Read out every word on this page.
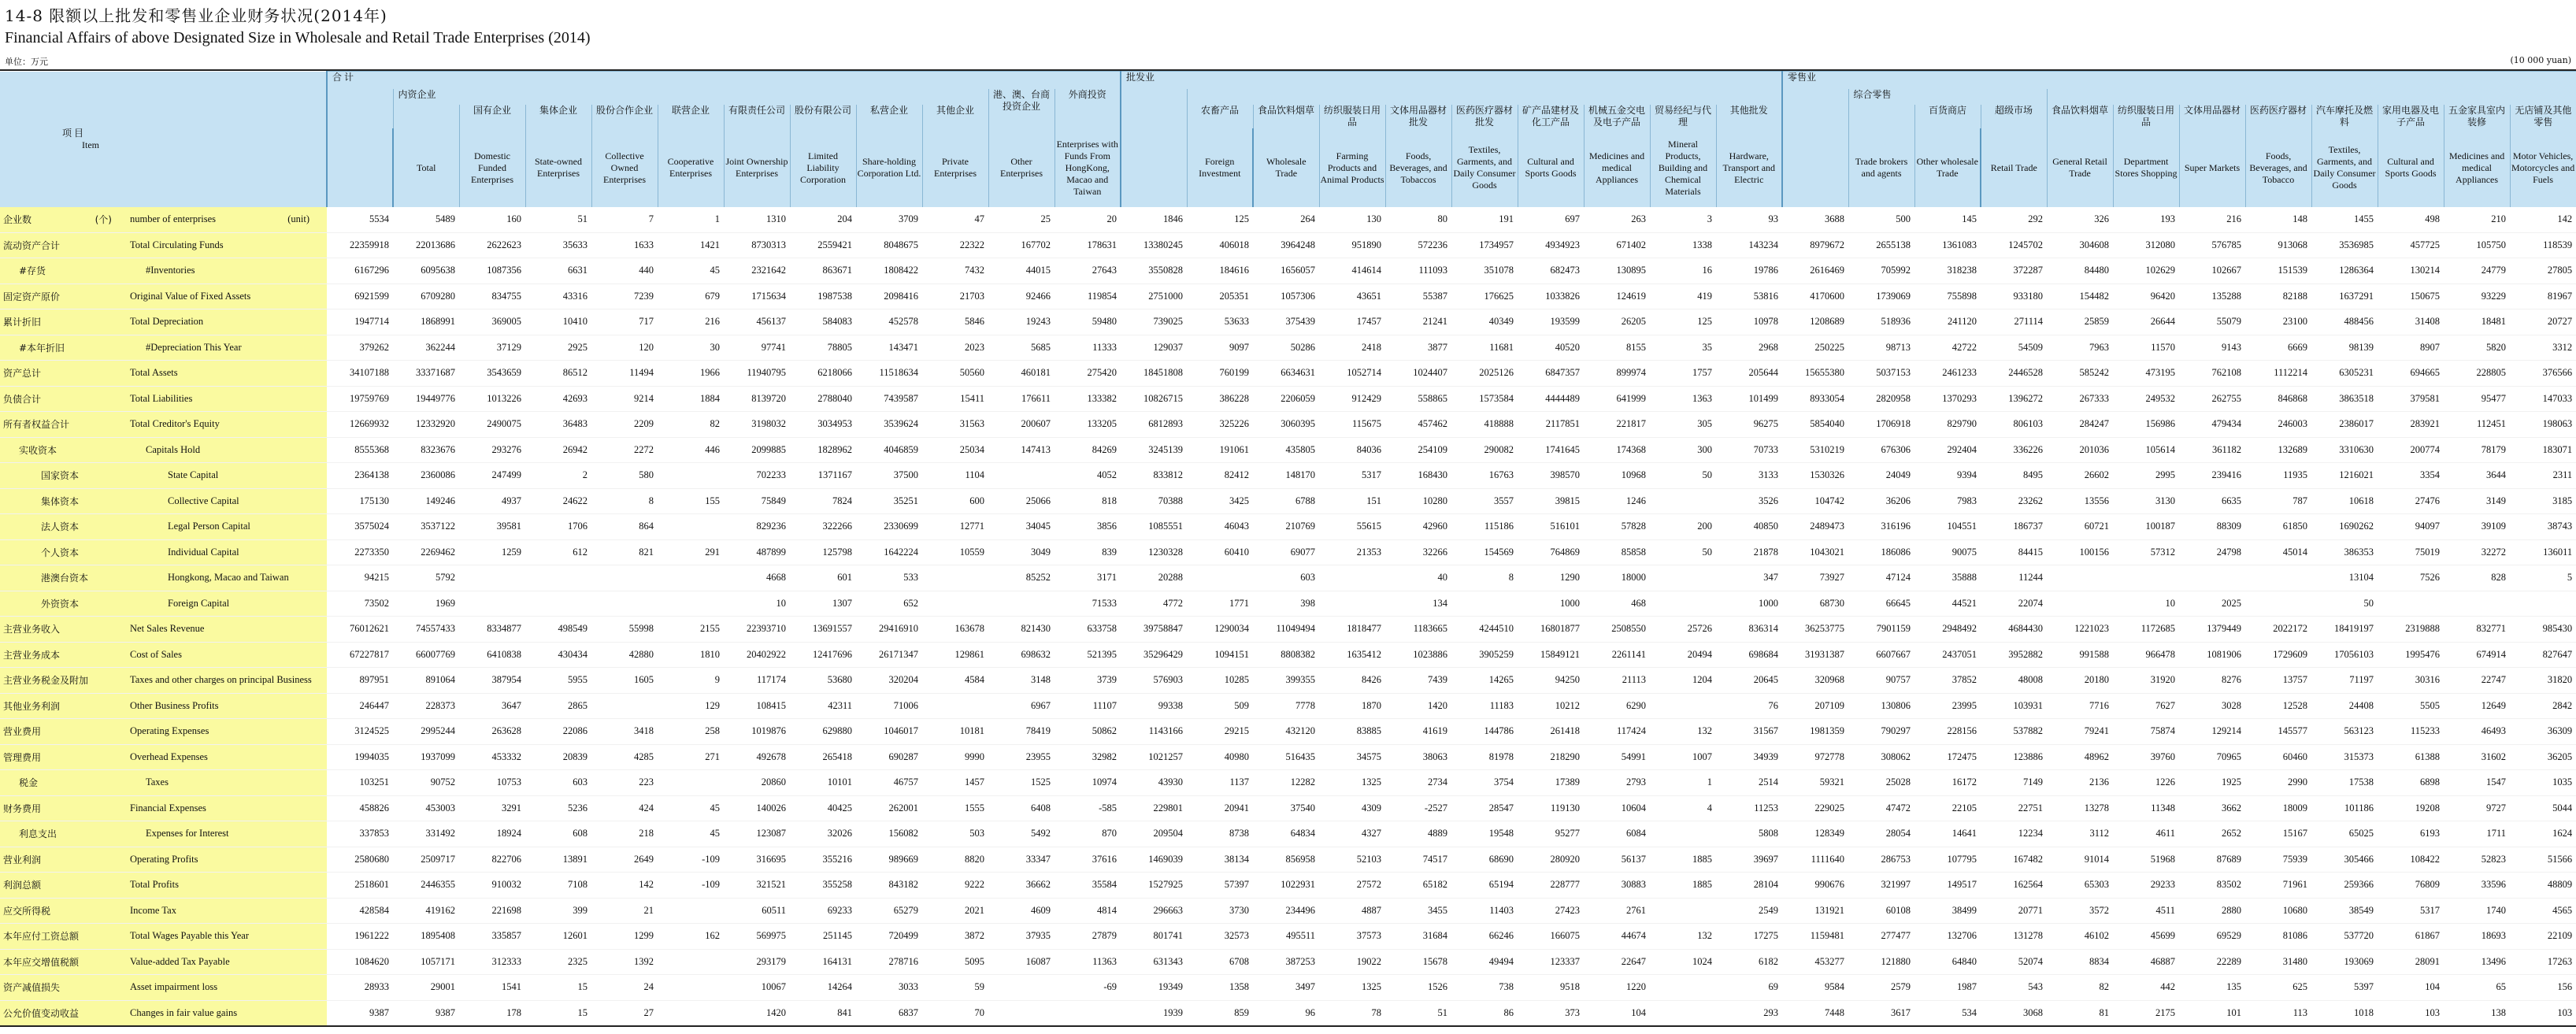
14-8 限额以上批发和零售业企业财务状况(2014年)
Financial Affairs of above Designated Size in Wholesale and Retail Trade Enterprises (2014)
单位：万元	(10 000 yuan)
项 目Item			合 计												批发业										零售业												
				内资企业									港、澳、台商投资企业	外商投资												综合零售											
					国有企业	集体企业	股份合作企业	联营企业	有限责任公司	股份有限公司	私营企业	其他企业				农畜产品	食品饮料烟草	纺织服装日用品	文体用品器材批发	医药医疗器材批发	矿产品建材及化工产品	机械五金交电及电子产品	贸易经纪与代理	其他批发			百货商店	超级市场	食品饮料烟草	纺织服装日用品	文体用品器材	医药医疗器材	汽车摩托及燃料	家用电器及电子产品	五金家具室内装修	无店铺及其他零售	
				Total	Domestic Funded Enterprises	State-owned Enterprises	Collective Owned Enterprises	Cooperative Enterprises	Joint Ownership Enterprises	Limited Liability Corporation	Share-holding Corporation Ltd.	Private Enterprises	Other Enterprises	Enterprises with Funds From HongKong, Macao and Taiwan		Foreign Investment	Wholesale Trade	Farming Products and Animal Products	Foods, Beverages, and Tobaccos	Textiles, Garments, and Daily Consumer Goods	Cultural and Sports Goods	Medicines and medical Appliances	Mineral Products, Building and Chemical Materials	Hardware, Transport and Electric		Trade brokers and agents	Other wholesale Trade	Retail Trade	General Retail Trade	Department Stores Shopping	Super Markets	Foods, Beverages, and Tobacco	Textiles, Garments, and Daily Consumer Goods	Cultural and Sports Goods	Medicines and medical Appliances	Motor Vehicles, Motorcycles and Fuels			
企业数 (个)	number of enterprises (unit)		5534	5489	160	51	7	1	1310	204	3709	47	25	20	1846	125	264	130	80	191	697	263	3	93	3688	500	145	292	326	193	216	148	1455	498	210	142	
流动资产合计	Total Circulating Funds		22359918	22013686	2622623	35633	1633	1421	8730313	2559421	8048675	22322	167702	178631	13380245	406018	3964248	951890	572236	1734957	4934923	671402	1338	143234	8979672	2655138	1361083	1245702	304608	312080	576785	913068	3536985	457725	105750	118539	
#存货	#Inventories		6167296	6095638	1087356	6631	440	45	2321642	863671	1808422	7432	44015	27643	3550828	184616	1656057	414614	111093	351078	682473	130895	16	19786	2616469	705992	318238	372287	84480	102629	102667	151539	1286364	130214	24779	27805	
固定资产原价	Original Value of Fixed Assets		6921599	6709280	834755	43316	7239	679	1715634	1987538	2098416	21703	92466	119854	2751000	205351	1057306	43651	55387	176625	1033826	124619	419	53816	4170600	1739069	755898	933180	154482	96420	135288	82188	1637291	150675	93229	81967	
累计折旧	Total Depreciation		1947714	1868991	369005	10410	717	216	456137	584083	452578	5846	19243	59480	739025	53633	375439	17457	21241	40349	193599	26205	125	10978	1208689	518936	241120	271114	25859	26644	55079	23100	488456	31408	18481	20727	
#本年折旧	#Depreciation This Year		379262	362244	37129	2925	120	30	97741	78805	143471	2023	5685	11333	129037	9097	50286	2418	3877	11681	40520	8155	35	2968	250225	98713	42722	54509	7963	11570	9143	6669	98139	8907	5820	3312	
资产总计	Total Assets		34107188	33371687	3543659	86512	11494	1966	11940795	6218066	11518634	50560	460181	275420	18451808	760199	6634631	1052714	1024407	2025126	6847357	899974	1757	205644	15655380	5037153	2461233	2446528	585242	473195	762108	1112214	6305231	694665	228805	376566	
负债合计	Total Liabilities		19759769	19449776	1013226	42693	9214	1884	8139720	2788040	7439587	15411	176611	133382	10826715	386228	2206059	912429	558865	1573584	4444489	641999	1363	101499	8933054	2820958	1370293	1396272	267333	249532	262755	846868	3863518	379581	95477	147033	
所有者权益合计	Total Creditor's Equity		12669932	12332920	2490075	36483	2209	82	3198032	3034953	3539624	31563	200607	133205	6812893	325226	3060395	115675	457462	418888	2117851	221817	305	96275	5854040	1706918	829790	806103	284247	156986	479434	246003	2386017	283921	112451	198063	
实收资本	Capitals Hold		8555368	8323676	293276	26942	2272	446	2099885	1828962	4046859	25034	147413	84269	3245139	191061	435805	84036	254109	290082	1741645	174368	300	70733	5310219	676306	292404	336226	201036	105614	361182	132689	3310630	200774	78179	183071	
国家资本	State Capital		2364138	2360086	247499	2	580		702233	1371167	37500	1104		4052	833812	82412	148170	5317	168430	16763	398570	10968	50	3133	1530326	24049	9394	8495	26602	2995	239416	11935	1216021	3354	3644	2311	
集体资本	Collective Capital		175130	149246	4937	24622	8	155	75849	7824	35251	600	25066	818	70388	3425	6788	151	10280	3557	39815	1246		3526	104742	36206	7983	23262	13556	3130	6635	787	10618	27476	3149	3185	
法人资本	Legal Person Capital		3575024	3537122	39581	1706	864		829236	322266	2330699	12771	34045	3856	1085551	46043	210769	55615	42960	115186	516101	57828	200	40850	2489473	316196	104551	186737	60721	100187	88309	61850	1690262	94097	39109	38743	
个人资本	Individual Capital		2273350	2269462	1259	612	821	291	487899	125798	1642224	10559	3049	839	1230328	60410	69077	21353	32266	154569	764869	85858	50	21878	1043021	186086	90075	84415	100156	57312	24798	45014	386353	75019	32272	136011	
港澳台资本	Hongkong, Macao and Taiwan		94215	5792					4668	601	533		85252	3171	20288		603		40	8	1290	18000		347	73927	47124	35888	11244					13104	7526	828	5	
外资资本	Foreign Capital		73502	1969					10	1307	652			71533	4772	1771	398		134		1000	468		1000	68730	66645	44521	22074		10	2025		50				
主营业务收入	Net Sales Revenue		76012621	74557433	8334877	498549	55998	2155	22393710	13691557	29416910	163678	821430	633758	39758847	1290034	11049494	1818477	1183665	4244510	16801877	2508550	25726	836314	36253775	7901159	2948492	4684430	1221023	1172685	1379449	2022172	18419197	2319888	832771	985430	
主营业务成本	Cost of Sales		67227817	66007769	6410838	430434	42880	1810	20402922	12417696	26171347	129861	698632	521395	35296429	1094151	8808382	1635412	1023886	3905259	15849121	2261141	20494	698684	31931387	6607667	2437051	3952882	991588	966478	1081906	1729609	17056103	1995476	674914	827647	
主营业务税金及附加	Taxes and other charges on principal Business		897951	891064	387954	5955	1605	9	117174	53680	320204	4584	3148	3739	576903	10285	399355	8426	7439	14265	94250	21113	1204	20645	320968	90757	37852	48008	20180	31920	8276	13757	71197	30316	22747	31820	
其他业务利润	Other Business Profits		246447	228373	3647	2865		129	108415	42311	71006		6967	11107	99338	509	7778	1870	1420	11183	10212	6290		76	207109	130806	23995	103931	7716	7627	3028	12528	24408	5505	12649	2842	
营业费用	Operating Expenses		3124525	2995244	263628	22086	3418	258	1019876	629880	1046017	10181	78419	50862	1143166	29215	432120	83885	41619	144786	261418	117424	132	31567	1981359	790297	228156	537882	79241	75874	129214	145577	563123	115233	46493	36309	
管理费用	Overhead Expenses		1994035	1937099	453332	20839	4285	271	492678	265418	690287	9990	23955	32982	1021257	40980	516435	34575	38063	81978	218290	54991	1007	34939	972778	308062	172475	123886	48962	39760	70965	60460	315373	61388	31602	36205	
税金	Taxes		103251	90752	10753	603	223		20860	10101	46757	1457	1525	10974	43930	1137	12282	1325	2734	3754	17389	2793	1	2514	59321	25028	16172	7149	2136	1226	1925	2990	17538	6898	1547	1035	
财务费用	Financial Expenses		458826	453003	3291	5236	424	45	140026	40425	262001	1555	6408	-585	229801	20941	37540	4309	-2527	28547	119130	10604	4	11253	229025	47472	22105	22751	13278	11348	3662	18009	101186	19208	9727	5044	
利息支出	Expenses for Interest		337853	331492	18924	608	218	45	123087	32026	156082	503	5492	870	209504	8738	64834	4327	4889	19548	95277	6084		5808	128349	28054	14641	12234	3112	4611	2652	15167	65025	6193	1711	1624	
营业利润	Operating Profits		2580680	2509717	822706	13891	2649	-109	316695	355216	989669	8820	33347	37616	1469039	38134	856958	52103	74517	68690	280920	56137	1885	39697	1111640	286753	107795	167482	91014	51968	87689	75939	305466	108422	52823	51566	
利润总额	Total Profits		2518601	2446355	910032	7108	142	-109	321521	355258	843182	9222	36662	35584	1527925	57397	1022931	27572	65182	65194	228777	30883	1885	28104	990676	321997	149517	162564	65303	29233	83502	71961	259366	76809	33596	48809	
应交所得税	Income Tax		428584	419162	221698	399	21		60511	69233	65279	2021	4609	4814	296663	3730	234496	4887	3455	11403	27423	2761		2549	131921	60108	38499	20771	3572	4511	2880	10680	38549	5317	1740	4565	
本年应付工资总额	Total Wages Payable this Year		1961222	1895408	335857	12601	1299	162	569975	251145	720499	3872	37935	27879	801741	32573	495511	37573	31684	66246	166075	44674	132	17275	1159481	277477	132706	131278	46102	45699	69529	81086	537720	61867	18693	22109	
本年应交增值税额	Value-added Tax Payable		1084620	1057171	312333	2325	1392		293179	164131	278716	5095	16087	11363	631343	6708	387253	19022	15678	49494	123337	22647	1024	6182	453277	121880	64840	52074	8834	46887	22289	31480	193069	28091	13496	17263	
资产减值损失	Asset impairment loss		28933	29001	1541	15	24		10067	14264	3033	59		-69	19349	1358	3497	1325	1526	738	9518	1220		69	9584	2579	1987	543	82	442	135	625	5397	104	65	156	
公允价值变动收益	Changes in fair value gains		9387	9387	178	15	27		1420	841	6837	70			1939	859	96	78	51	86	373	104		293	7448	3617	534	3068	81	2175	101	113	1018	103	138	103	
